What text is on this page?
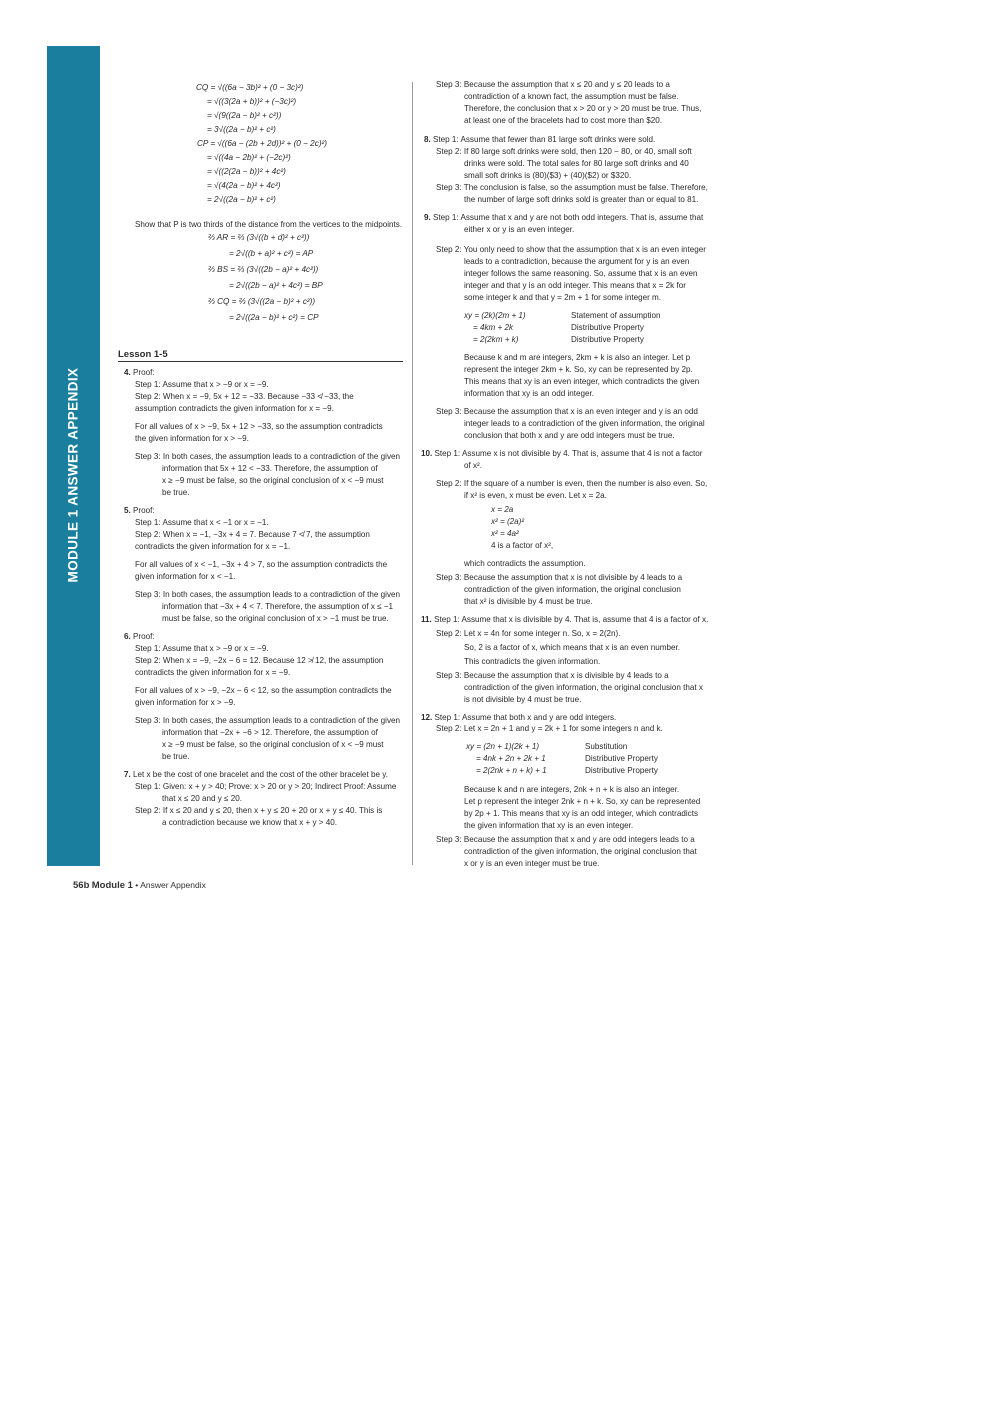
MODULE 1 ANSWER APPENDIX
CQ = √((6a − 3b)² + (0 − 3c)²)
= √((3(2a + b))² + (−3c)²)
= √(9((2a − b)² + c²))
= 3√((2a − b)² + c²)
CP = √((6a − (2b + 2d))² + (0 − 2c)²)
= √((4a − 2b)² + (−2c)²)
= √((2(2a − b))² + 4c²)
= √(4(2a − b)² + 4c²)
= 2√((2a − b)² + c²)
Show that P is two thirds of the distance from the vertices to the midpoints.
⅔ AR = ⅔ (3√((b + d)² + c²))
= 2√((b + a)² + c²) = AP
⅔ BS = ⅔ (3√((2b − a)² + 4c²))
= 2√((2b − a)² + 4c²) = BP
⅔ CQ = ⅔ (3√((2a − b)² + c²))
= 2√((2a − b)² + c²) = CP
Lesson 1-5
4. Proof:
Step 1: Assume that x > −9 or x = −9.
Step 2: When x = −9, 5x + 12 = −33. Because −33 ≮ −33, the
assumption contradicts the given information for x = −9.
For all values of x > −9, 5x + 12 > −33, so the assumption contradicts
the given information for x > −9.
Step 3: In both cases, the assumption leads to a contradiction of the given
information that 5x + 12 < −33. Therefore, the assumption of
x ≥ −9 must be false, so the original conclusion of x < −9 must
be true.
5. Proof:
Step 1: Assume that x < −1 or x = −1.
Step 2: When x = −1, −3x + 4 = 7. Because 7 ≮ 7, the assumption
contradicts the given information for x = −1.
For all values of x < −1, −3x + 4 > 7, so the assumption contradicts the
given information for x < −1.
Step 3: In both cases, the assumption leads to a contradiction of the given
information that −3x + 4 < 7. Therefore, the assumption of x ≤ −1
must be false, so the original conclusion of x > −1 must be true.
6. Proof:
Step 1: Assume that x > −9 or x = −9.
Step 2: When x = −9, −2x − 6 = 12. Because 12 ≯ 12, the assumption
contradicts the given information for x = −9.
For all values of x > −9, −2x − 6 < 12, so the assumption contradicts the
given information for x > −9.
Step 3: In both cases, the assumption leads to a contradiction of the given
information that −2x + −6 > 12. Therefore, the assumption of
x ≥ −9 must be false, so the original conclusion of x < −9 must
be true.
7. Let x be the cost of one bracelet and the cost of the other bracelet be y.
Step 1: Given: x + y > 40; Prove: x > 20 or y > 20; Indirect Proof: Assume
that x ≤ 20 and y ≤ 20.
Step 2: If x ≤ 20 and y ≤ 20, then x + y ≤ 20 + 20 or x + y ≤ 40. This is
a contradiction because we know that x + y > 40.
Step 3: Because the assumption that x ≤ 20 and y ≤ 20 leads to a
contradiction of a known fact, the assumption must be false.
Therefore, the conclusion that x > 20 or y > 20 must be true. Thus,
at least one of the bracelets had to cost more than $20.
8. Step 1: Assume that fewer than 81 large soft drinks were sold.
Step 2: If 80 large soft drinks were sold, then 120 − 80, or 40, small soft
drinks were sold. The total sales for 80 large soft drinks and 40
small soft drinks is (80)($3) + (40)($2) or $320.
Step 3: The conclusion is false, so the assumption must be false. Therefore,
the number of large soft drinks sold is greater than or equal to 81.
9. Step 1: Assume that x and y are not both odd integers. That is, assume that
either x or y is an even integer.
Step 2: You only need to show that the assumption that x is an even integer
leads to a contradiction, because the argument for y is an even
integer follows the same reasoning. So, assume that x is an even
integer and that y is an odd integer. This means that x = 2k for
some integer k and that y = 2m + 1 for some integer m.
xy = (2k)(2m + 1)	Statement of assumption
= 4km + 2k	Distributive Property
= 2(2km + k)	Distributive Property
Because k and m are integers, 2km + k is also an integer. Let p
represent the integer 2km + k. So, xy can be represented by 2p.
This means that xy is an even integer, which contradicts the given
information that xy is an odd integer.
Step 3: Because the assumption that x is an even integer and y is an odd
integer leads to a contradiction of the given information, the original
conclusion that both x and y are odd integers must be true.
10. Step 1: Assume x is not divisible by 4. That is, assume that 4 is not a factor
of x².
Step 2: If the square of a number is even, then the number is also even. So,
if x² is even, x must be even. Let x = 2a.
x = 2a
x² = (2a)²
x² = 4a²
4 is a factor of x²,
which contradicts the assumption.
Step 3: Because the assumption that x is not divisible by 4 leads to a
contradiction of the given information, the original conclusion
that x² is divisible by 4 must be true.
11. Step 1: Assume that x is divisible by 4. That is, assume that 4 is a factor of x.
Step 2: Let x = 4n for some integer n. So, x = 2(2n).
So, 2 is a factor of x, which means that x is an even number.
This contradicts the given information.
Step 3: Because the assumption that x is divisible by 4 leads to a
contradiction of the given information, the original conclusion that x
is not divisible by 4 must be true.
12. Step 1: Assume that both x and y are odd integers.
Step 2: Let x = 2n + 1 and y = 2k + 1 for some integers n and k.
xy = (2n + 1)(2k + 1)	Substitution
= 4nk + 2n + 2k + 1	Distributive Property
= 2(2nk + n + k) + 1	Distributive Property
Because k and n are integers, 2nk + n + k is also an integer.
Let p represent the integer 2nk + n + k. So, xy can be represented
by 2p + 1. This means that xy is an odd integer, which contradicts
the given information that xy is an even integer.
Step 3: Because the assumption that x and y are odd integers leads to a
contradiction of the given information, the original conclusion that
x or y is an even integer must be true.
56b Module 1 • Answer Appendix
